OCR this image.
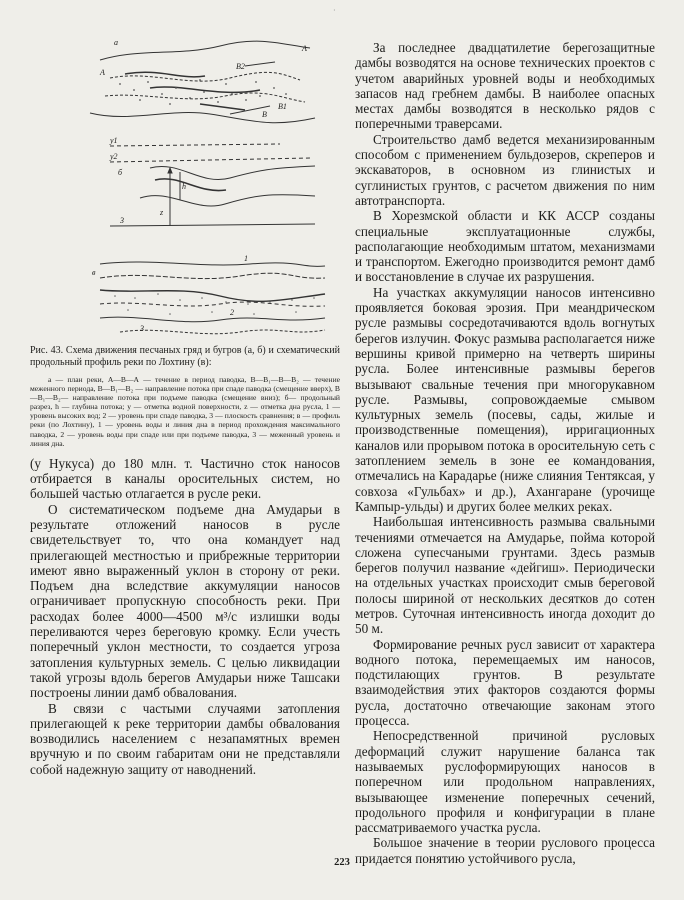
·
а
А
А
В
В1
В2
у1
у2
б
h
z
3
в
1
2
3
Рис. 43. Схема движения песчаных гряд и бугров (а, б) и схематический продольный профиль реки по Лохтину (в):
а — план реки, А—В—А — течение в период паводка, В—В₁—В—В₂ — течение меженного периода, В—В₁—В₂ — направление потока при спаде паводка (смещение вверх), В—В₁—В₂— направление потока при подъеме паводка (смещение вниз); б— продольный разрез, h — глубина потока; у — отметка водной поверхности, z — отметка дна русла, 1 — уровень высоких вод; 2 — уровень при спаде паводка, 3 — плоскость сравнения; в — профиль реки (по Лохтину), 1 — уровень воды и линия дна в период прохождения максимального паводка, 2 — уровень воды при спаде или при подъеме паводка, 3 — меженный уровень и линия дна.

(у Нукуса) до 180 млн. т. Частично сток наносов отбирается в каналы оросительных систем, но большей частью отлагается в русле реки.

О систематическом подъеме дна Амударьи в результате отложений наносов в русле свидетельствует то, что она командует над прилегающей местностью и прибрежные территории имеют явно выраженный уклон в сторону от реки. Подъем дна вследствие аккумуляции наносов ограничивает пропускную способность реки. При расходах более 4000—4500 м³/с излишки воды переливаются через береговую кромку. Если учесть поперечный уклон местности, то создается угроза затопления культурных земель. С целью ликвидации такой угрозы вдоль берегов Амударьи ниже Ташсаки построены линии дамб обвалования.

В связи с частыми случаями затопления прилегающей к реке территории дамбы обвалования возводились населением с незапамятных времен вручную и по своим габаритам они не представляли собой надежную защиту от наводнений.

За последнее двадцатилетие берегозащитные дамбы возводятся на основе технических проектов с учетом аварийных уровней воды и необходимых запасов над гребнем дамбы. В наиболее опасных местах дамбы возводятся в несколько рядов с поперечными траверсами.

Строительство дамб ведется механизированным способом с применением бульдозеров, скреперов и экскаваторов, в основном из глинистых и суглинистых грунтов, с расчетом движения по ним автотранспорта.

В Хорезмской области и КК АССР созданы специальные эксплуатационные службы, располагающие необходимым штатом, механизмами и транспортом. Ежегодно производится ремонт дамб и восстановление в случае их разрушения.

На участках аккумуляции наносов интенсивно проявляется боковая эрозия. При меандрическом русле размывы сосредотачиваются вдоль вогнутых берегов излучин. Фокус размыва располагается ниже вершины кривой примерно на четверть ширины русла. Более интенсивные размывы берегов вызывают свальные течения при многорукавном русле. Размывы, сопровождаемые смывом культурных земель (посевы, сады, жилые и производственные помещения), ирригационных каналов или прорывом потока в оросительную сеть с затоплением земель в зоне ее командования, отмечались на Карадарье (ниже слияния Тентяксая, у совхоза «Гульбах» и др.), Ахангаране (урочище Кампыр-ульды) и других более мелких реках.

Наибольшая интенсивность размыва свальными течениями отмечается на Амударье, пойма которой сложена супесчаными грунтами. Здесь размыв берегов получил название «дейгиш». Периодически на отдельных участках происходит смыв береговой полосы шириной от нескольких десятков до сотен метров. Суточная интенсивность иногда доходит до 50 м.

Формирование речных русл зависит от характера водного потока, перемещаемых им наносов, подстилающих грунтов. В результате взаимодействия этих факторов создаются формы русла, достаточно отвечающие законам этого процесса.

Непосредственной причиной русловых деформаций служит нарушение баланса так называемых руслоформирующих наносов в поперечном или продольном направлениях, вызывающее изменение поперечных сечений, продольного профиля и конфигурации в плане рассматриваемого участка русла.

Большое значение в теории руслового процесса придается понятию устойчивого русла,

223
